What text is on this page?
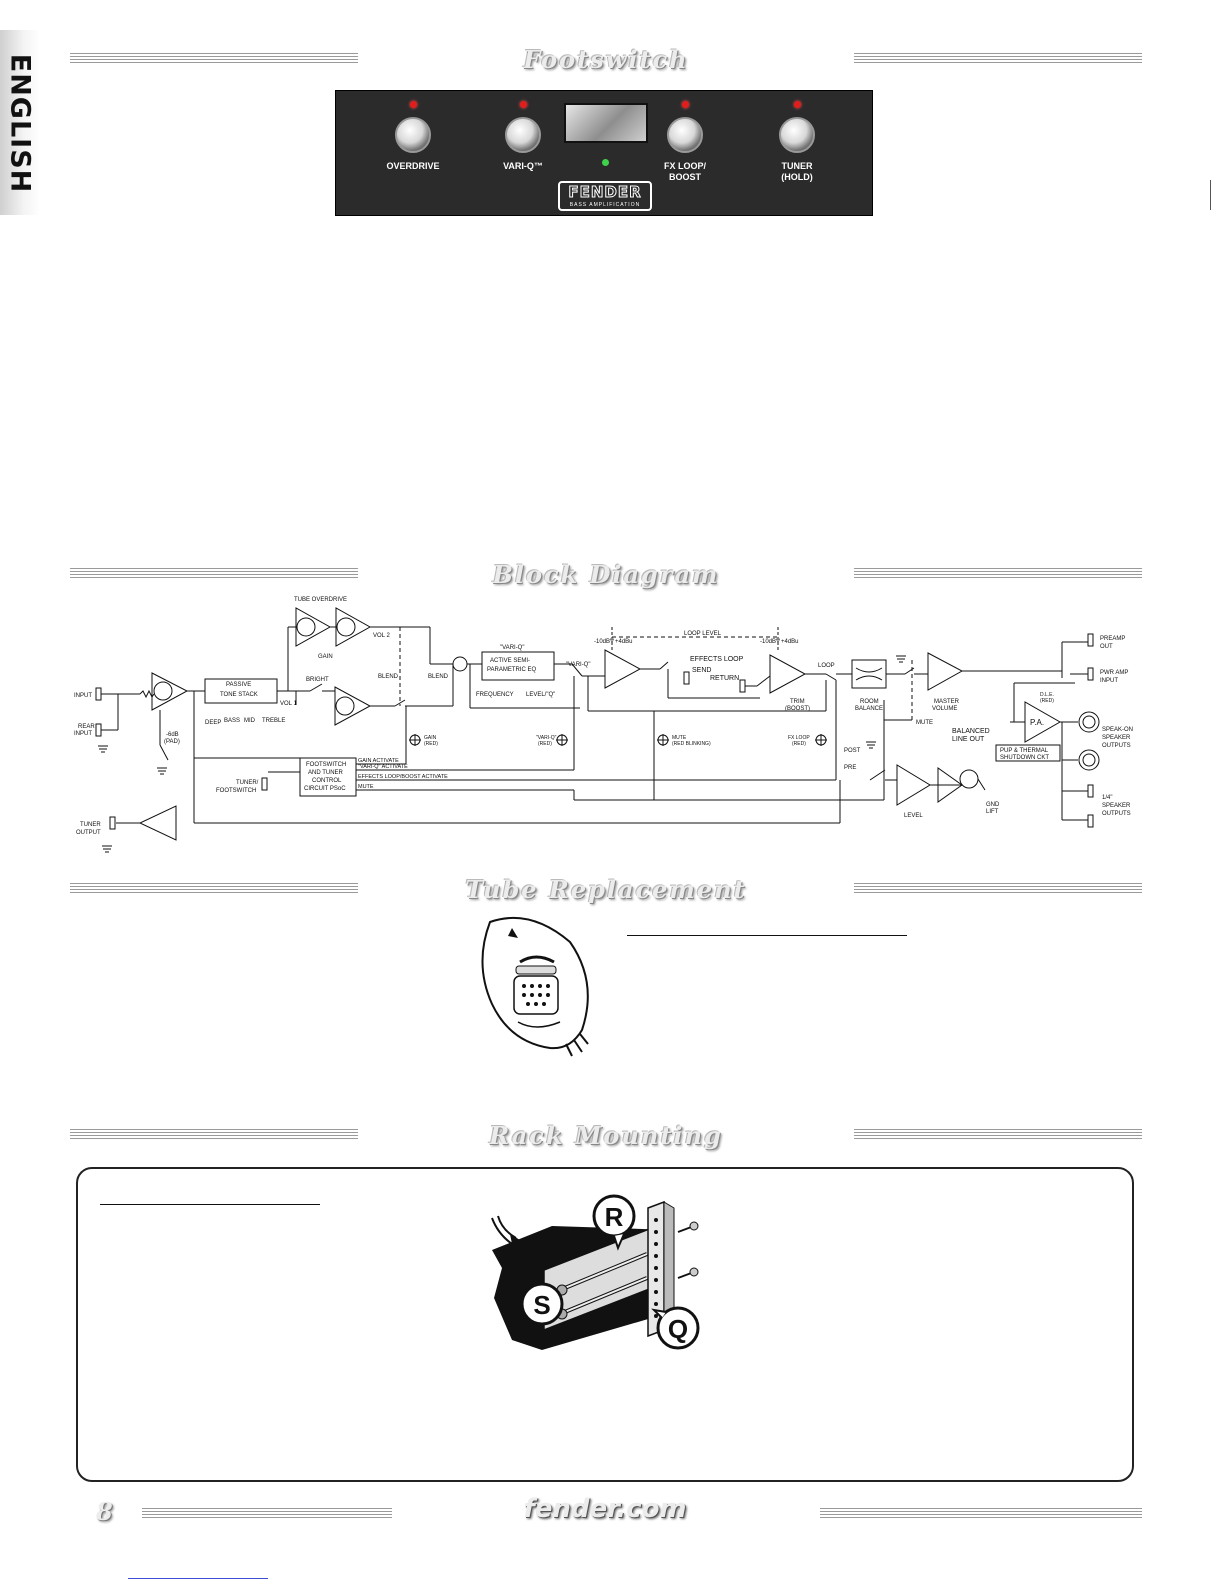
ENGLISH	Footswitch
OVERDRIVE	VARI-Q™	FX LOOP/
BOOST
TUNER
(HOLD)
FENDER
BASS AMPLIFICATION
Block Diagram
TUBE OVERDRIVE
GAIN
VOL 2
PASSIVE
TONE STACK
BRIGHT
VOL 1
DEEP BASS MID TREBLE
INPUT
REAR
INPUT	-6dB
(PAD)
BLEND	BLEND
"VARI-Q"
ACTIVE SEMI-
PARAMETRIC EQ
FREQUENCY LEVEL/"Q"
"VARI-Q"
LOOP LEVEL
-10dBV +4dBu	-10dBV +4dBu
EFFECTS LOOP
SEND
RETURN
TRIM
(BOOST)
LOOP
ROOM
BALANCE
MASTER
VOLUME
MUTE
BALANCED
LINE OUT
POST
PRE
LEVEL
GND
LIFT
PREAMP
OUT
PWR AMP
INPUT
P.A.
D.L.E.
(RED)
SPEAK-ON
SPEAKER
OUTPUTS
PUP & THERMAL
SHUTDOWN CKT
1/4"
SPEAKER
OUTPUTS
GAIN
(RED)
"VARI-Q"
(RED)
MUTE
(RED BLINKING)
FX LOOP
(RED)
FOOTSWITCH
AND TUNER
CONTROL
CIRCUIT PSoC
GAIN ACTIVATE
"VARI-Q" ACTIVATE
EFFECTS LOOP/BOOST ACTIVATE
MUTE
TUNER/
FOOTSWITCH
TUNER
OUTPUT
Tube Replacement
Rack Mounting
R
S
Q
8	fender.com
